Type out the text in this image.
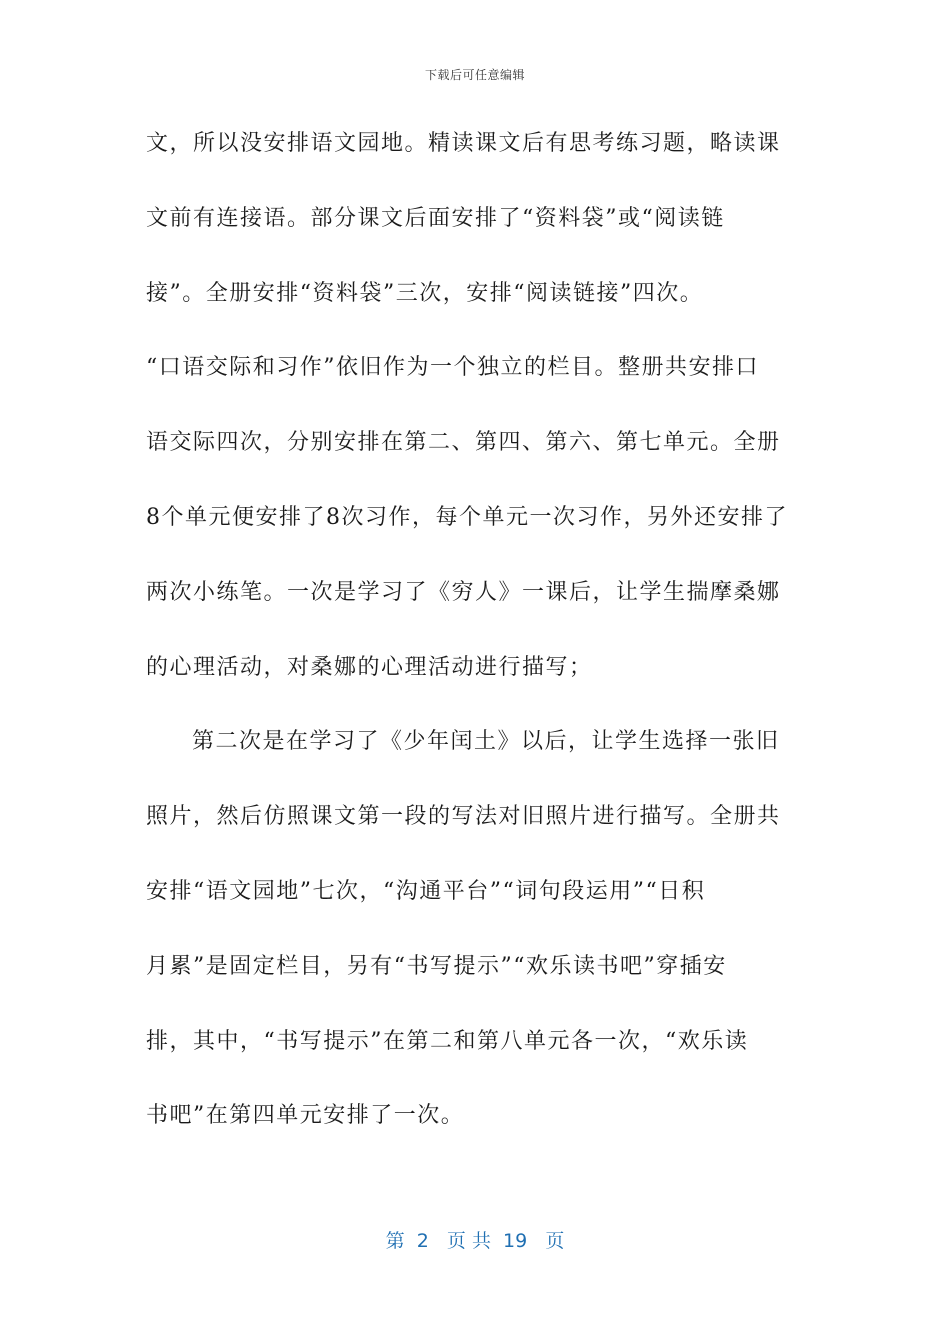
下载后可任意编辑
文，所以没安排语文园地。精读课文后有思考练习题，略读课
文前有连接语。部分课文后面安排了“资料袋”或“阅读链
接”。全册安排“资料袋”三次，安排“阅读链接”四次。
“口语交际和习作”依旧作为一个独立的栏目。整册共安排口
语交际四次，分别安排在第二、第四、第六、第七单元。全册
8个单元便安排了8次习作，每个单元一次习作，另外还安排了
两次小练笔。一次是学习了《穷人》一课后，让学生揣摩桑娜
的心理活动，对桑娜的心理活动进行描写；
第二次是在学习了《少年闰土》以后，让学生选择一张旧
照片，然后仿照课文第一段的写法对旧照片进行描写。全册共
安排“语文园地”七次，“沟通平台”“词句段运用”“日积
月累”是固定栏目，另有“书写提示”“欢乐读书吧”穿插安
排，其中，“书写提示”在第二和第八单元各一次，“欢乐读
书吧”在第四单元安排了一次。
第  2   页 共  19   页
